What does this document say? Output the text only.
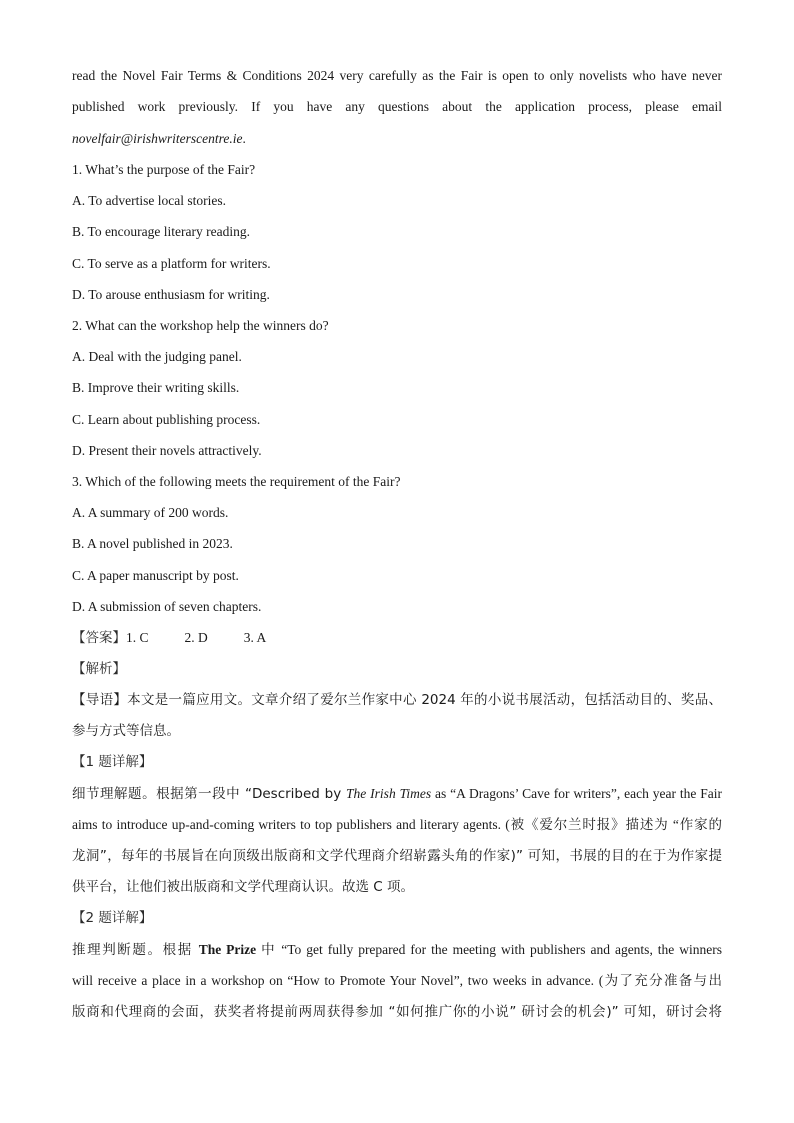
read the Novel Fair Terms & Conditions 2024 very carefully as the Fair is open to only novelists who have never
published work previously. If you have any questions about the application process, please email
novelfair@irishwriterscentre.ie.
1. What’s the purpose of the Fair?
A. To advertise local stories.
B. To encourage literary reading.
C. To serve as a platform for writers.
D. To arouse enthusiasm for writing.
2. What can the workshop help the winners do?
A. Deal with the judging panel.
B. Improve their writing skills.
C. Learn about publishing process.
D. Present their novels attractively.
3. Which of the following meets the requirement of the Fair?
A. A summary of 200 words.
B. A novel published in 2023.
C. A paper manuscript by post.
D. A submission of seven chapters.
【答案】1. C	2. D	3. A
【解析】
【导语】本文是一篇应用文。文章介绍了爱尔兰作家中心 2024 年的小说书展活动，包括活动目的、奖品、
参与方式等信息。
【1 题详解】
细节理解题。根据第一段中 “Described by The Irish Times as “A Dragons’ Cave for writers”, each year the Fair
aims to introduce up-and-coming writers to top publishers and literary agents. (被《爱尔兰时报》描述为 “作家的
龙洞”，每年的书展旨在向顶级出版商和文学代理商介绍崭露头角的作家)” 可知，书展的目的在于为作家提
供平台，让他们被出版商和文学代理商认识。故选 C 项。
【2 题详解】
推理判断题。根据 The Prize 中 “To get fully prepared for the meeting with publishers and agents, the winners
will receive a place in a workshop on “How to Promote Your Novel”, two weeks in advance. (为了充分准备与出
版商和代理商的会面，获奖者将提前两周获得参加 “如何推广你的小说” 研讨会的机会)” 可知，研讨会将
